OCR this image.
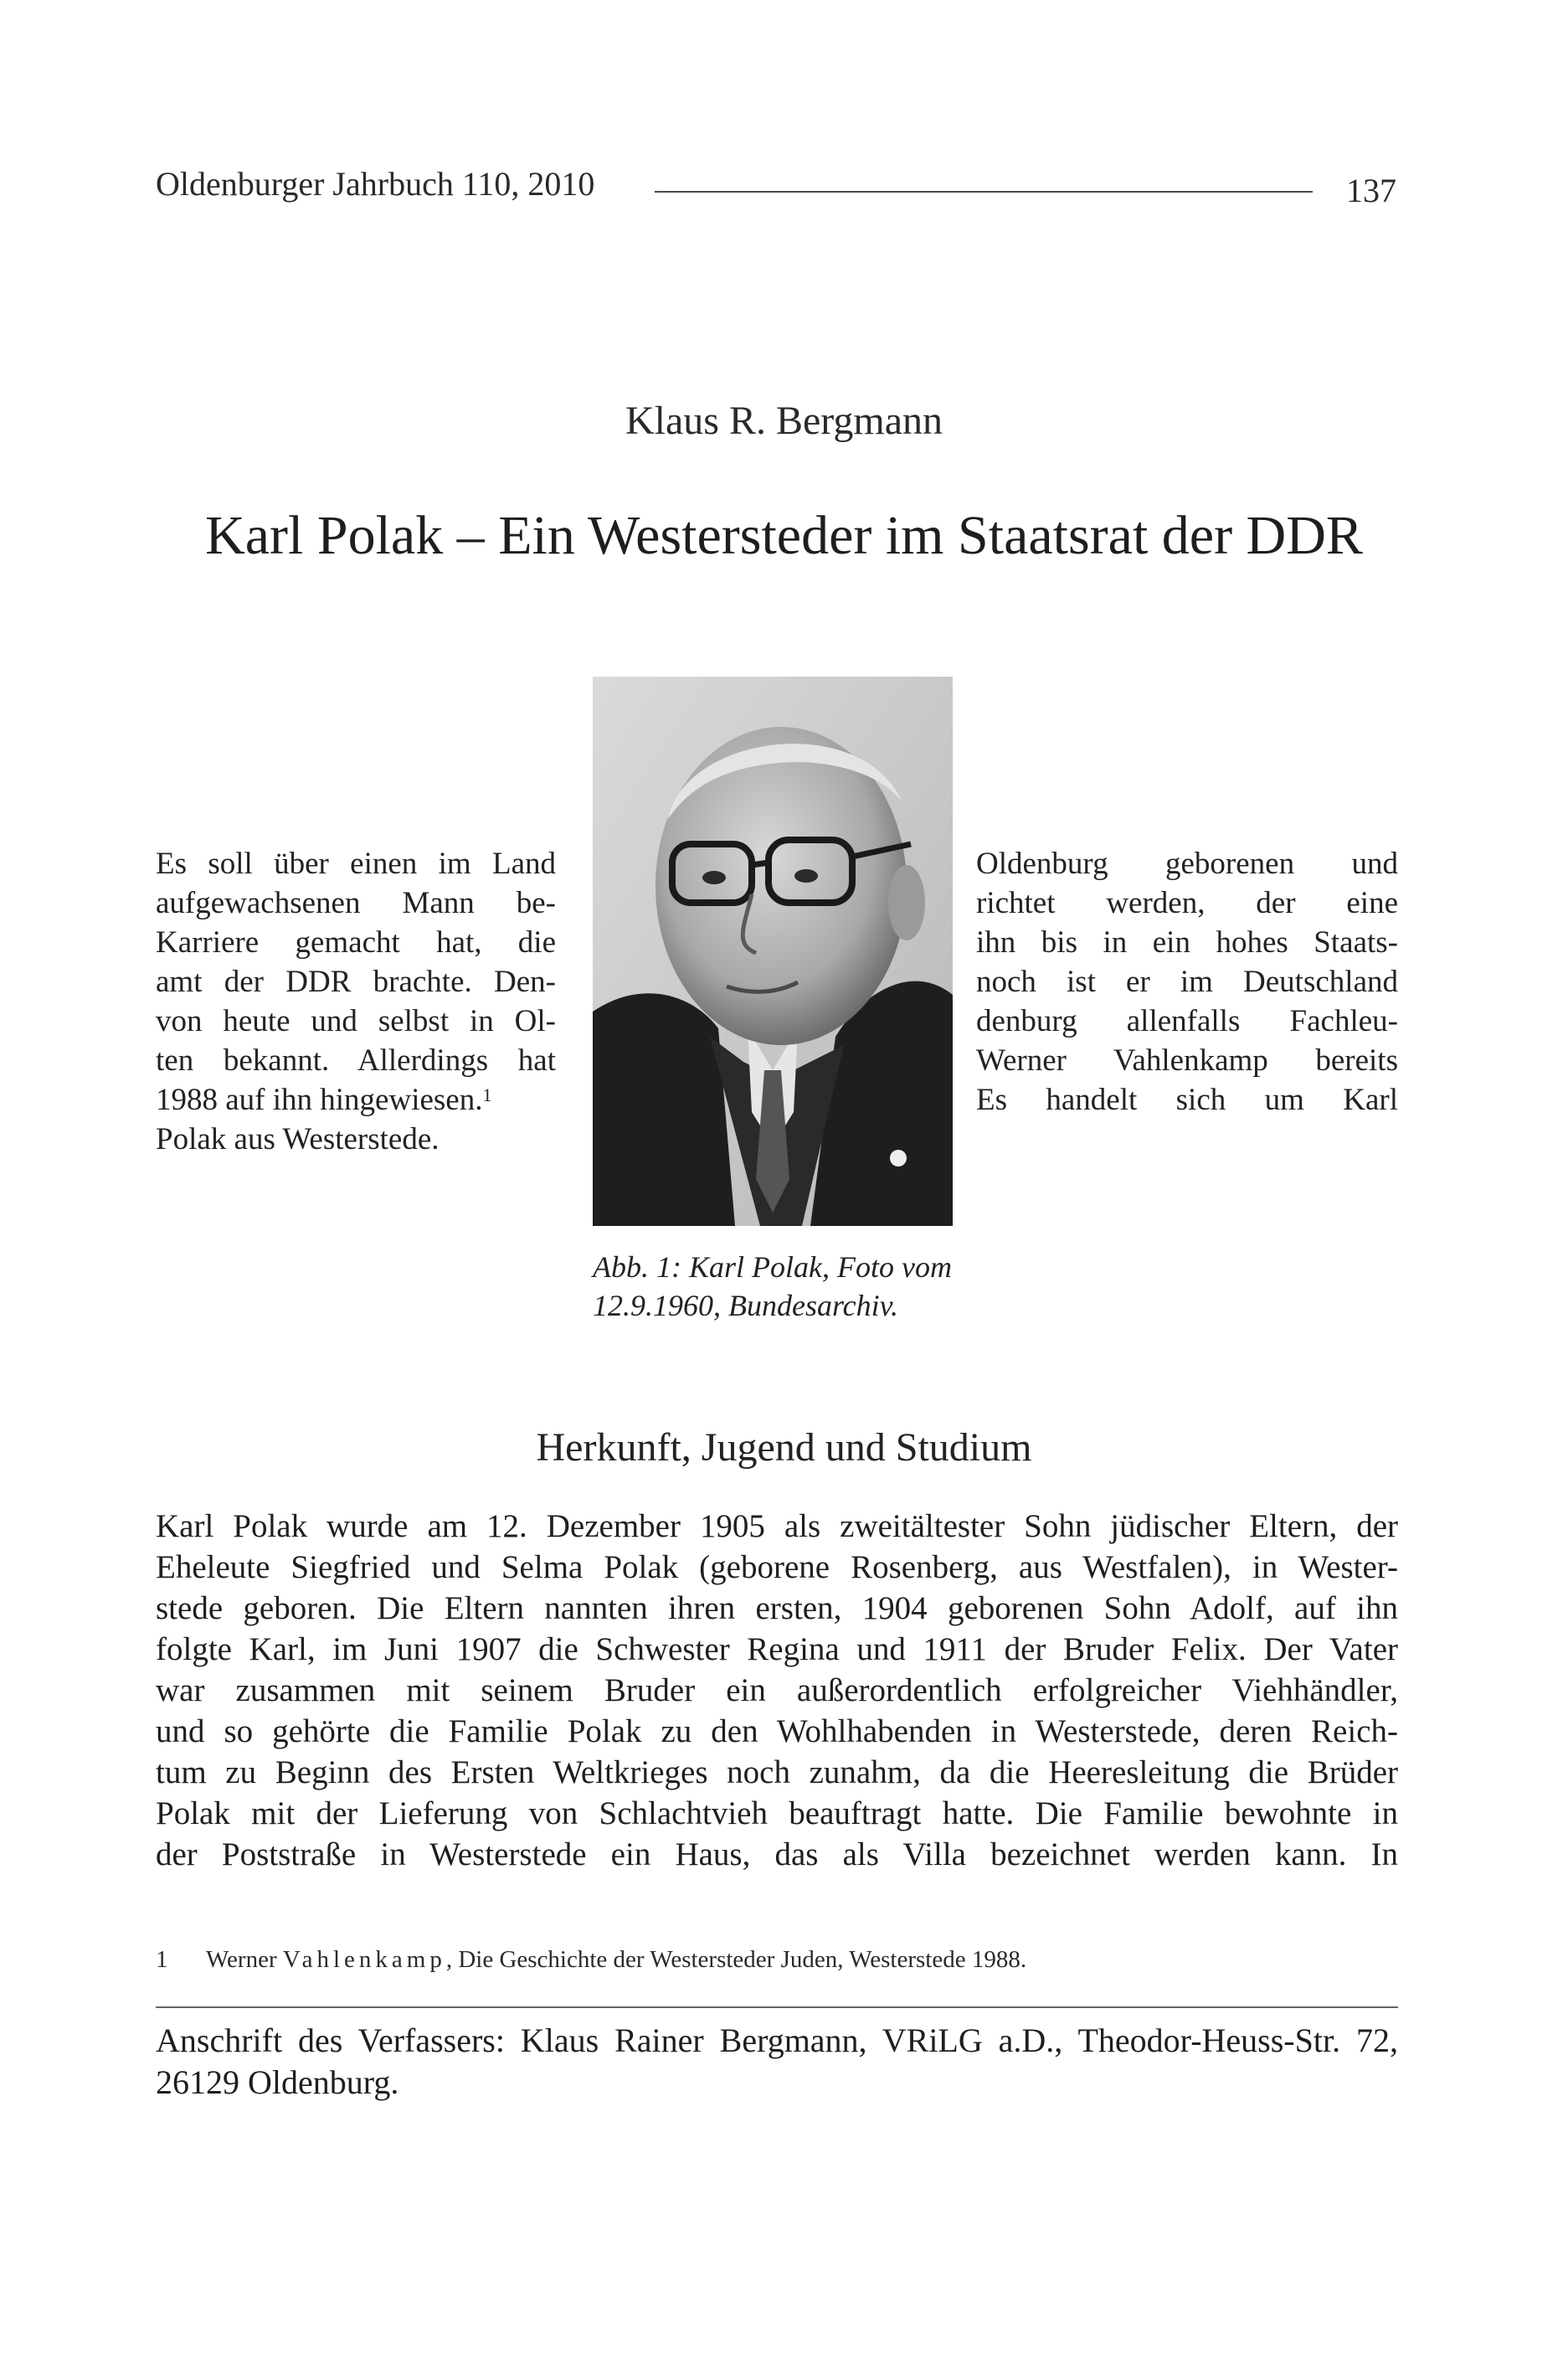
Oldenburger Jahrbuch 110, 2010	137
Klaus R. Bergmann
Karl Polak – Ein Westersteder im Staatsrat der DDR
Es soll über einen im Land
aufgewachsenen Mann be-
Karriere gemacht hat, die
amt der DDR brachte. Den-
von heute und selbst in Ol-
ten bekannt. Allerdings hat
1988 auf ihn hingewiesen.$^1$
Polak aus Westerstede.
Oldenburg geborenen und
richtet werden, der eine
ihn bis in ein hohes Staats-
noch ist er im Deutschland
denburg allenfalls Fachleu-
Werner Vahlenkamp bereits
Es handelt sich um Karl
Abb. 1: Karl Polak, Foto vom
12.9.1960, Bundesarchiv.
Herkunft, Jugend und Studium
Karl Polak wurde am 12. Dezember 1905 als zweitältester Sohn jüdischer Eltern, der
Eheleute Siegfried und Selma Polak (geborene Rosenberg, aus Westfalen), in Wester-
stede geboren. Die Eltern nannten ihren ersten, 1904 geborenen Sohn Adolf, auf ihn
folgte Karl, im Juni 1907 die Schwester Regina und 1911 der Bruder Felix. Der Vater
war zusammen mit seinem Bruder ein außerordentlich erfolgreicher Viehhändler,
und so gehörte die Familie Polak zu den Wohlhabenden in Westerstede, deren Reich-
tum zu Beginn des Ersten Weltkrieges noch zunahm, da die Heeresleitung die Brüder
Polak mit der Lieferung von Schlachtvieh beauftragt hatte. Die Familie bewohnte in
der Poststraße in Westerstede ein Haus, das als Villa bezeichnet werden kann. In
1 Werner Vahlenkamp, Die Geschichte der Westersteder Juden, Westerstede 1988.
Anschrift des Verfassers: Klaus Rainer Bergmann, VRiLG a.D., Theodor-Heuss-Str. 72,
26129 Oldenburg.
